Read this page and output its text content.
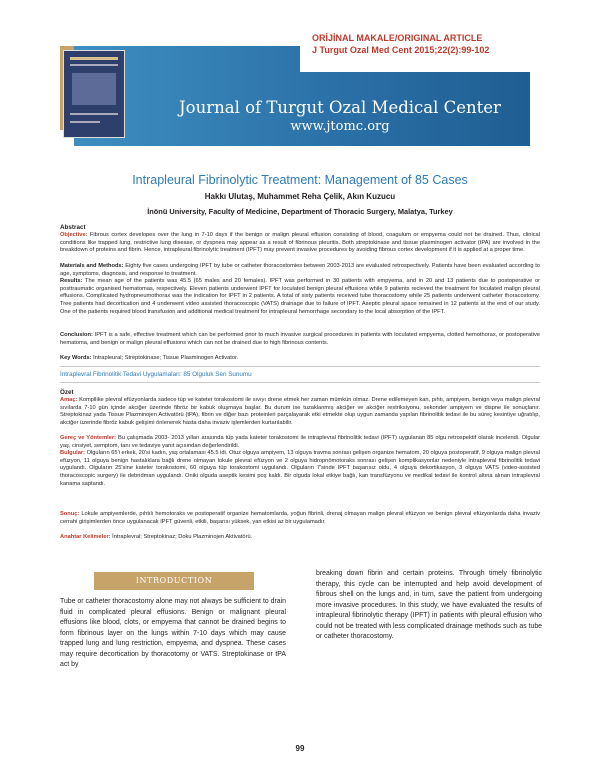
ORİJİNAL MAKALE/ORIGINAL ARTICLE
J Turgut Ozal Med Cent 2015;22(2):99-102
Journal of Turgut Ozal Medical Center
www.jtomc.org
Intrapleural Fibrinolytic Treatment: Management of 85 Cases
Hakkı Ulutaş, Muhammet Reha Çelik, Akın Kuzucu
İnönü University, Faculty of Medicine, Department of Thoracic Surgery, Malatya, Turkey
Abstract
Objective: Fibrous cortex developes over the lung in 7-10 days if the benign or malign pleural effusion consisting of blood, coagulum or empyema could not be drained. Thus, clinical conditions like trapped lung, restrictive lung disease, or dyspnea may appear as a result of fibrinous pleuritis. Both streptokinase and tissue plasminogen activator (tPA) are involved in the breakdown of proteins and fibrin. Hence, intrapleural fibrinolytic treatment (IPFT) may prevent invasive procedures by avoiding fibrous cortex development if it is applied at a proper time.
Materials and Methods: Eighty five cases undergoing IPFT by tube or catheter thoracostomies between 2003-2013 are evaluated retrospectively. Patients have been evaluated according to age, symptoms, diagnosis, and response to treatment.
Results: The mean age of the patients was 45.5 (65 males and 20 females). IPFT was performed in 30 patients with empyema, and in 20 and 13 patients due to postoperative or posttraumatic organised hematomas, respectively. Eleven patients underwent IPFT for loculated benign pleural effusions while 9 patients recieved the treatment for loculated malign pleural effusions. Complicated hydropneumothorax was the indication for IPFT in 2 patients. A total of sixty patients received tube thoracostomy while 25 patients underwent catheter thoracostomy. Tree patients had decortication and 4 underwent video assisted thoracoscopic (VATS) drainage due to failure of IPFT. Aseptic pleural space remained in 12 patients at the end of our study. One of the patients required blood transfusion and additional medical treatment for intrapleural hemorrhage secondary to the local absorption of the IPFT.
Conclusion: IPFT is a safe, effective treatment which can be performed prior to much invasive surgical procedures in patients with loculated empyema, clotted hemothorax, or postoperative hematoma, and benign or malign pleural effusions which can not be drained due to high fibrinous contents.
Key Words: Intrapleural; Streptokinase; Tissue Plasminogen Activator.
İntraplevral Fibrinolitik Tedavi Uygulamaları: 85 Olguluk Seri Sunumu
Özet
Amaç: Kompllike plevral efüzyonlarda sadece tüp ve kateter torakostomi ile sıvıyı drene etmek her zaman mümkün olmaz. Drene edilemeyen kan, pıhtı, ampiyem, benign veya malign plevral sıvılarda 7-10 gün içinde akciğer üzerinde fibröz bir kabuk oluşmaya başlar. Bu durum ise tuzaklanmış akciğer ve akciğer restriksiyonu, sekonder ampiyem ve dispne ile sonuçlanır. Streptokinaz yada Tissue Plazminojen Activatörü (tPA), fibrin ve diğer bazı proteinleri parçalayarak etki etmekte olup uygun zamanda yapılan fibrinolitik tedavi ile bu süreç kesintiye uğratılıp, akciğer üzerinde fibröz kabuk gelişimi önlenerek hasta daha invaziv işlemlerden kurtarılabilir.
Gereç ve Yöntemler: Bu çalışmada 2003- 2013 yılları arasında tüp yada kateter torakostomi ile intraplevral fibrinolitik tedavi (IPFT) uygulanan 85 olgu retrospektif olarak incelendi. Olgular yaş, cinsiyet, semptom, tanı ve tedaviye yanıt açısından değerlendirildi.
Bulgular: Olguların 65'i erkek, 20'si kadın, yaş ortalaması 45.5 idi. Otuz olguya ampiyem, 13 olguya travma sonrası gelişen organize hematom, 20 olguya postoperatif, 9 olguya malign plevral efüzyon, 11 olguya benign hastalıklara bağlı drene olmayan lokule plevral efüzyon ve 2 olguya hidropnömotoraks sonrası gelişen komplikasyonlar nedeniyle intraplevral fibrinolitik tedavi uygulandı. Olguların 25'sine kateter torakostomi, 60 olguya tüp torakostomi uygulandı. Olguların 7'sinde IPFT başarısız oldu, 4 olguya dekortikasyon, 3 olguya VATS (video-assisted thoracoscopic surgery) ile debridman uygulandı. Oniki olguda aseptik kesimi poş kaldı. Bir olguda lokal etkiye bağlı, kan transfüzyonu ve medikal tedavi ile kontrol altına alınan intraplevral kanama saptandı.
Sonuç: Lokule ampiyemlerde, pıhtılı hemotoraks ve postoperatif organize hematomlarda, yoğun fibrinli, drenaj olmayan malign plevral efüzyon ve benign plevral efüzyonlarda daha invaziv cerrahi girişimlerden önce uygulanacak IPFT güvenli, etkili, başarısı yüksek, yan etkisi az bir uygulamadır.
Anahtar Kelimeler: İntraplevral; Streptokinaz; Doku Plazminojen Aktivatörü.
INTRODUCTION

Tube or catheter thoracostomy alone may not always be sufficient to drain fluid in complicated pleural effusions. Benign or malignant pleural effusions like blood, clots, or empyema that cannot be drained begins to form fibrinous layer on the lungs within 7-10 days which may cause trapped lung and lung restriction, empyema, and dyspnea. These cases may require decortication by thoracotomy or VATS. Streptokinase or tPA act by

breaking down fibrin and certain proteins. Through timely fibrinolytic therapy, this cycle can be interrupted and help avoid development of fibrous shell on the lungs and, in turn, save the patient from undergoing more invasive procedures. In this study, we have evaluated the results of intrapleural fibrinolytic therapy (IPFT) in patients with pleural effusion who could not be treated with less complicated drainage methods such as tube or catheter thoracostomy.

99
